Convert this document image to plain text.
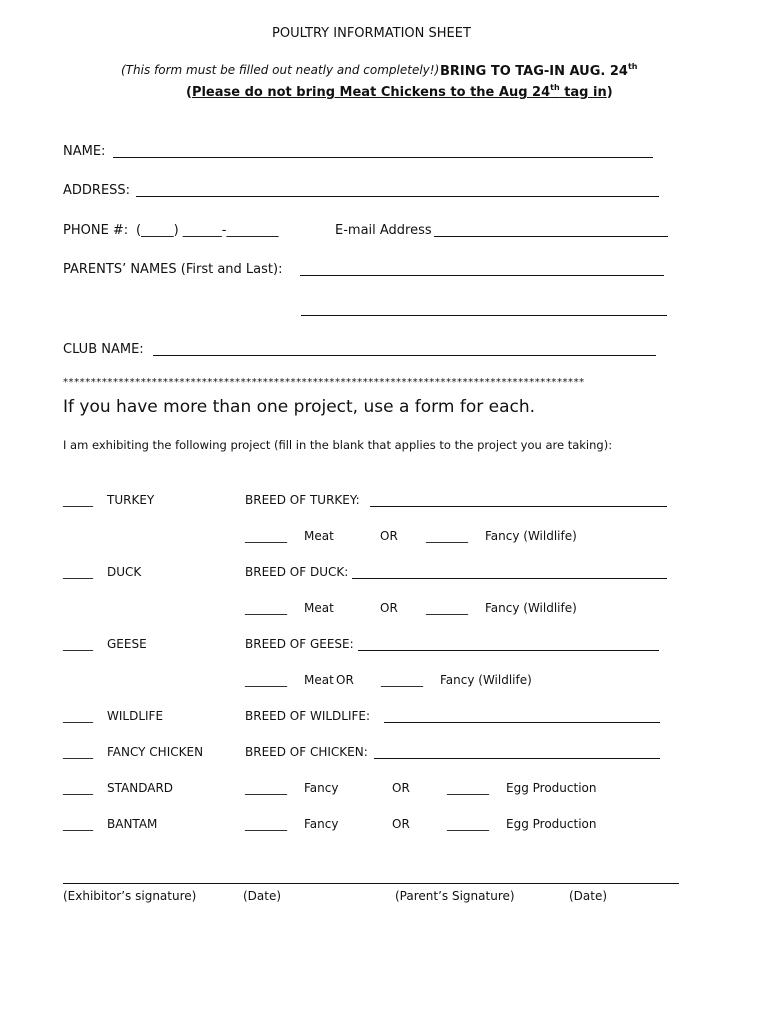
POULTRY INFORMATION SHEET
(This form must be filled out neatly and completely!) BRING TO TAG-IN AUG. 24th
(Please do not bring Meat Chickens to the Aug 24th tag in)
NAME:
ADDRESS:
PHONE #: (_____) ______-________	E-mail Address
PARENTS’ NAMES (First and Last):
CLUB NAME:
**********************************************************************************************
If you have more than one project, use a form for each.
I am exhibiting the following project (fill in the blank that applies to the project you are taking):
_____ TURKEY	BREED OF TURKEY:
_______ Meat	OR _______ Fancy (Wildlife)
_____ DUCK	BREED OF DUCK:
_______ Meat	OR _______ Fancy (Wildlife)
_____ GEESE	BREED OF GEESE:
_______ Meat OR _______ Fancy (Wildlife)
_____ WILDLIFE	BREED OF WILDLIFE:
_____ FANCY CHICKEN	BREED OF CHICKEN:
_____ STANDARD	_______ Fancy	OR	_______ Egg Production
_____ BANTAM	_______ Fancy	OR	_______ Egg Production
(Exhibitor’s signature)	(Date)	(Parent’s Signature)	(Date)
